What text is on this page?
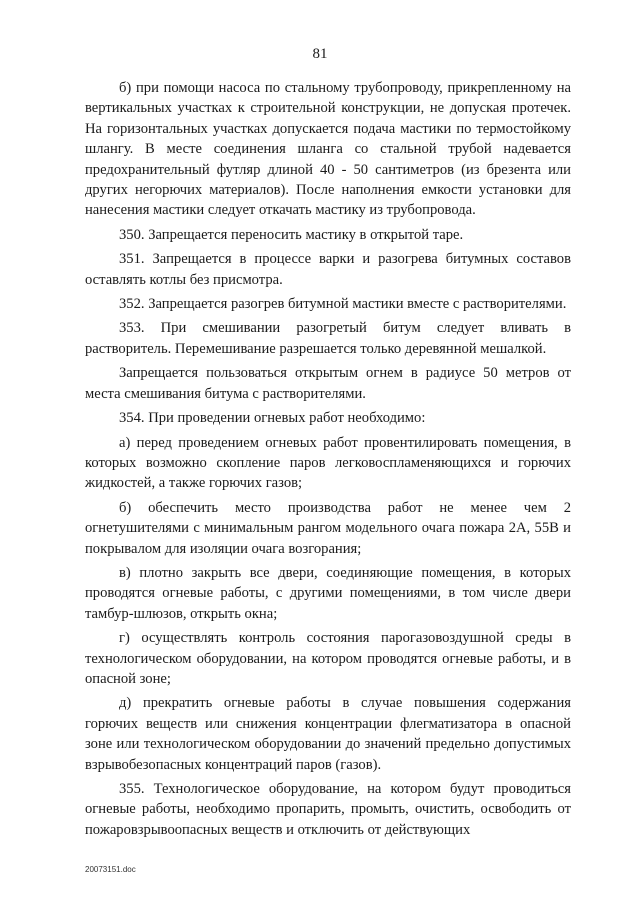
81

б) при помощи насоса по стальному трубопроводу, прикрепленному на вертикальных участках к строительной конструкции, не допуская протечек. На горизонтальных участках допускается подача мастики по термостойкому шлангу. В месте соединения шланга со стальной трубой надевается предохранительный футляр длиной 40 - 50 сантиметров (из брезента или других негорючих материалов). После наполнения емкости установки для нанесения мастики следует откачать мастику из трубопровода.

350. Запрещается переносить мастику в открытой таре.

351. Запрещается в процессе варки и разогрева битумных составов оставлять котлы без присмотра.

352. Запрещается разогрев битумной мастики вместе с растворителями.

353. При смешивании разогретый битум следует вливать в растворитель. Перемешивание разрешается только деревянной мешалкой.

Запрещается пользоваться открытым огнем в радиусе 50 метров от места смешивания битума с растворителями.

354. При проведении огневых работ необходимо:

а) перед проведением огневых работ провентилировать помещения, в которых возможно скопление паров легковоспламеняющихся и горючих жидкостей, а также горючих газов;

б) обеспечить место производства работ не менее чем 2 огнетушителями с минимальным рангом модельного очага пожара 2А, 55В и покрывалом для изоляции очага возгорания;

в) плотно закрыть все двери, соединяющие помещения, в которых проводятся огневые работы, с другими помещениями, в том числе двери тамбур-шлюзов, открыть окна;

г) осуществлять контроль состояния парогазовоздушной среды в технологическом оборудовании, на котором проводятся огневые работы, и в опасной зоне;

д) прекратить огневые работы в случае повышения содержания горючих веществ или снижения концентрации флегматизатора в опасной зоне или технологическом оборудовании до значений предельно допустимых взрывобезопасных концентраций паров (газов).

355. Технологическое оборудование, на котором будут проводиться огневые работы, необходимо пропарить, промыть, очистить, освободить от пожаровзрывоопасных веществ и отключить от действующих

20073151.doc
